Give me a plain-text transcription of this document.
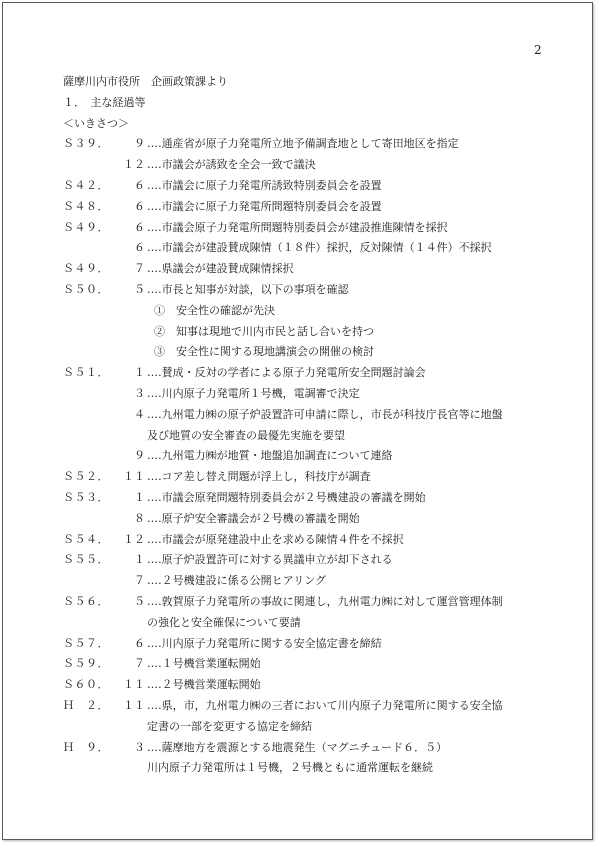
2
薩摩川内市役所　企画政策課より
１．　主な経過等
＜いきさつ＞
Ｓ３９．	９ ‥‥通産省が原子力発電所立地予備調査地として寄田地区を指定
１２ ‥‥市議会が誘致を全会一致で議決
Ｓ４２．	６ ‥‥市議会に原子力発電所誘致特別委員会を設置
Ｓ４８．	６ ‥‥市議会に原子力発電所問題特別委員会を設置
Ｓ４９．	６ ‥‥市議会原子力発電所問題特別委員会が建設推進陳情を採択
６ ‥‥市議会が建設賛成陳情（１８件）採択，反対陳情（１４件）不採択
Ｓ４９．	７ ‥‥県議会が建設賛成陳情採択
Ｓ５０．	５ ‥‥市長と知事が対談，以下の事項を確認
①　安全性の確認が先決
②　知事は現地で川内市民と話し合いを持つ
③　安全性に関する現地講演会の開催の検討
Ｓ５１．	１ ‥‥賛成・反対の学者による原子力発電所安全問題討論会
３ ‥‥川内原子力発電所１号機，電調審で決定
４ ‥‥九州電力㈱の原子炉設置許可申請に際し，市長が科技庁長官等に地盤
及び地質の安全審査の最優先実施を要望
９ ‥‥九州電力㈱が地質・地盤追加調査について連絡
Ｓ５２．	１１ ‥‥コア差し替え問題が浮上し，科技庁が調査
Ｓ５３．	１ ‥‥市議会原発問題特別委員会が２号機建設の審議を開始
８ ‥‥原子炉安全審議会が２号機の審議を開始
Ｓ５４．	１２ ‥‥市議会が原発建設中止を求める陳情４件を不採択
Ｓ５５．	１ ‥‥原子炉設置許可に対する異議申立が却下される
７ ‥‥２号機建設に係る公開ヒアリング
Ｓ５６．	５ ‥‥敦賀原子力発電所の事故に関連し，九州電力㈱に対して運営管理体制
の強化と安全確保について要請
Ｓ５７．	６ ‥‥川内原子力発電所に関する安全協定書を締結
Ｓ５９．	７ ‥‥１号機営業運転開始
Ｓ６０．	１１ ‥‥２号機営業運転開始
Ｈ　２．	１１ ‥‥県，市，九州電力㈱の三者において川内原子力発電所に関する安全協
定書の一部を変更する協定を締結
Ｈ　９．	３ ‥‥薩摩地方を震源とする地震発生（マグニチュード６．５）
川内原子力発電所は１号機，２号機ともに通常運転を継続
